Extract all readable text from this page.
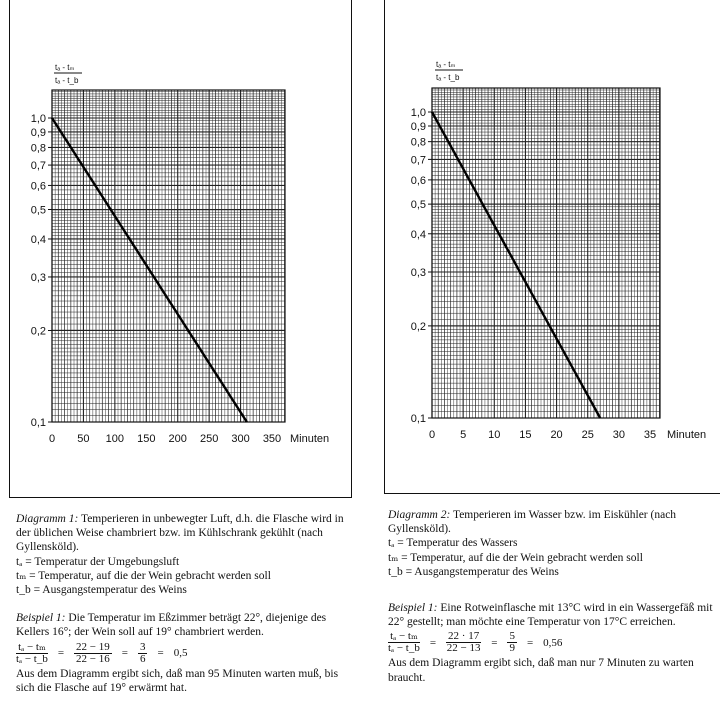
0,1
0,2
0,3
0,4
0,5
0,6
0,7
0,8
0,9
1,0
0 50 100 150 200 250 300 350
tₐ - tₘ
tₐ - t_b
Minuten
0,1
0,2
0,3
0,4
0,5
0,6
0,7
0,8
0,9
1,0
0 5 10 15 20 25 30 35
tₐ - tₘ
tₐ - t_b
Minuten

Diagramm 1: Temperieren in unbewegter Luft, d.h. die Flasche wird in der üblichen Weise chambriert bzw. im Kühlschrank gekühlt (nach Gyllensköld).

tₐ = Temperatur der Umgebungsluft

tₘ = Temperatur, auf die der Wein gebracht werden soll

t_b = Ausgangstemperatur des Weins

Beispiel 1: Die Temperatur im Eßzimmer beträgt 22°, diejenige des Kellers 16°; der Wein soll auf 19° chambriert werden.

$\frac{\text{tₐ − tₘ}}{\text{tₐ − t\_b}} = \frac{22 - 19}{22 - 16} = \frac{3}{6} = 0,5$

Aus dem Diagramm ergibt sich, daß man 95 Minuten warten muß, bis sich die Flasche auf 19° erwärmt hat.

Diagramm 2: Temperieren im Wasser bzw. im Eiskühler (nach Gyllensköld).

tₐ = Temperatur des Wassers

tₘ = Temperatur, auf die der Wein gebracht werden soll

t_b = Ausgangstemperatur des Weins

Beispiel 1: Eine Rotweinflasche mit 13°C wird in ein Wassergefäß mit 22° gestellt; man möchte eine Temperatur von 17°C erreichen.

$\frac{\text{tₐ − tₘ}}{\text{tₐ − t\_b}} = \frac{22 \cdot 17}{22 - 13} = \frac{5}{9} = 0,56$

Aus dem Diagramm ergibt sich, daß man nur 7 Minuten zu warten braucht.
